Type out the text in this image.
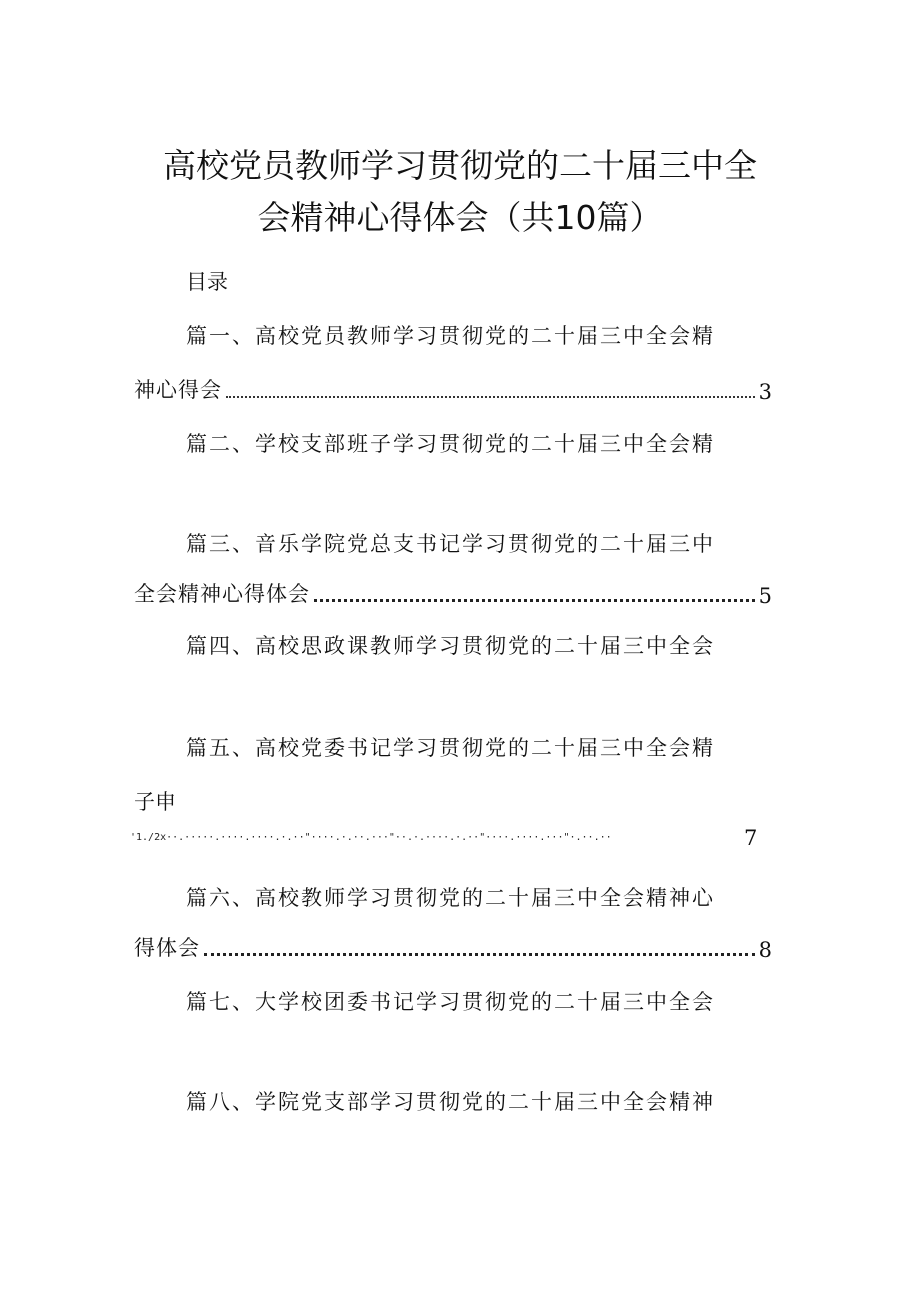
高校党员教师学习贯彻党的二十届三中全
会精神心得体会（共10篇）
目录
篇一、高校党员教师学习贯彻党的二十届三中全会精
神心得会	3
篇二、学校支部班子学习贯彻党的二十届三中全会精
篇三、音乐学院党总支书记学习贯彻党的二十届三中
全会精神心得体会	5
篇四、高校思政课教师学习贯彻党的二十届三中全会
篇五、高校党委书记学习贯彻党的二十届三中全会精
子申
'1./2x··.·····.····.····.·.··"····.·.··.···"··.·.····.·.··"····.····.···"·.··.··	7
篇六、高校教师学习贯彻党的二十届三中全会精神心
得体会	8
篇七、大学校团委书记学习贯彻党的二十届三中全会
篇八、学院党支部学习贯彻党的二十届三中全会精神
